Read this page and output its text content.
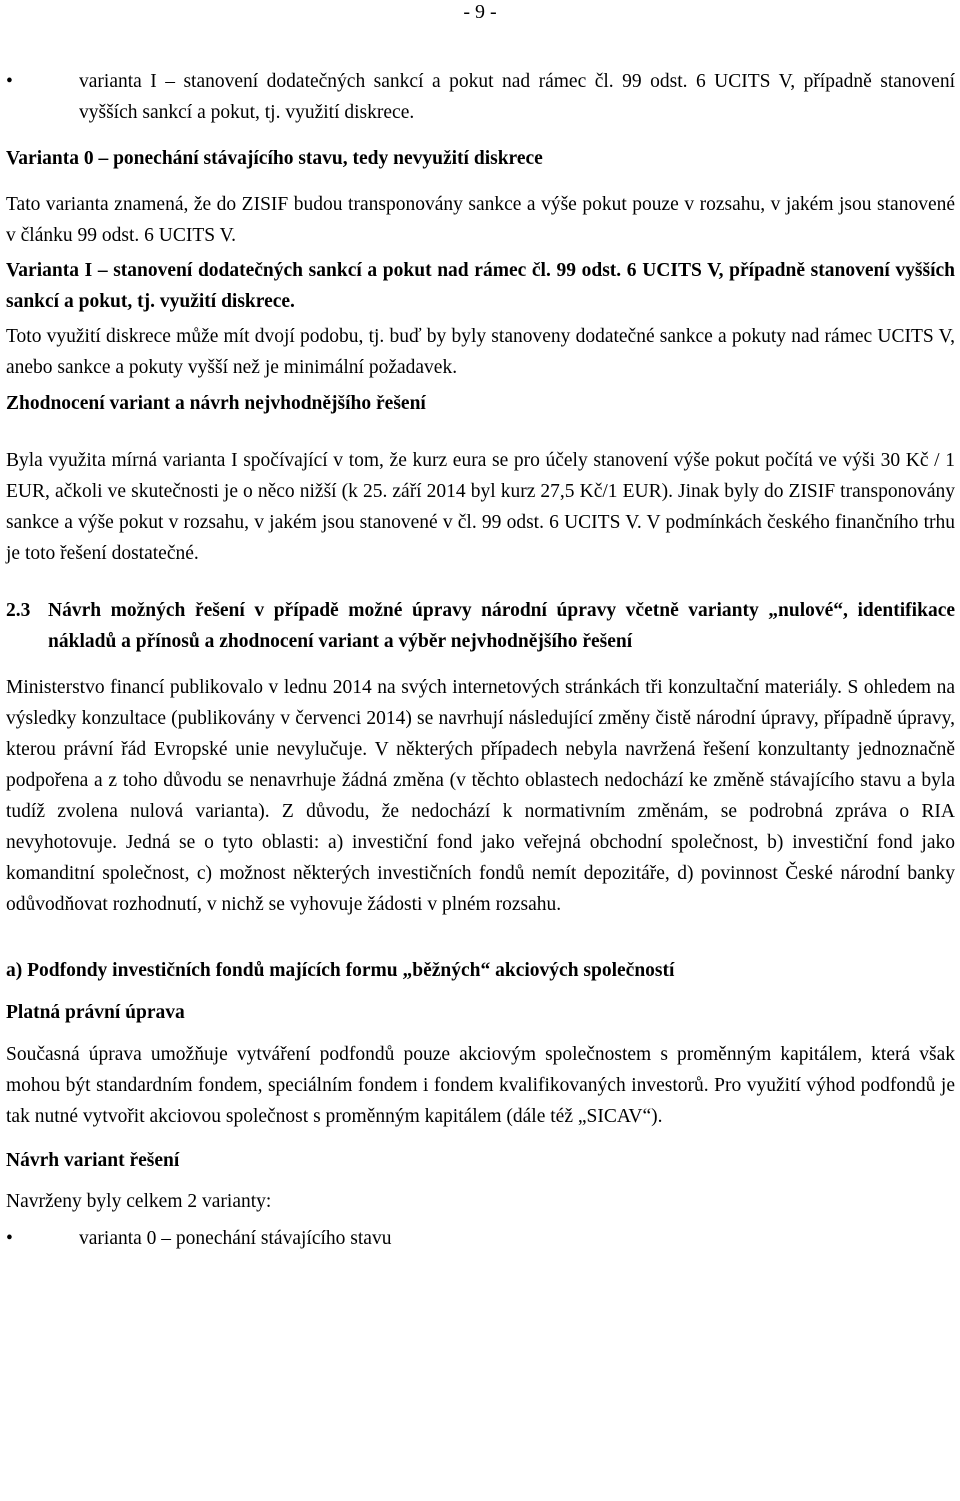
- 9 -
•	varianta I – stanovení dodatečných sankcí a pokut nad rámec čl. 99 odst. 6 UCITS V, případně stanovení vyšších sankcí a pokut, tj. využití diskrece.

Varianta 0 – ponechání stávajícího stavu, tedy nevyužití diskrece

Tato varianta znamená, že do ZISIF budou transponovány sankce a výše pokut pouze v rozsahu, v jakém jsou stanovené v článku 99 odst. 6 UCITS V.

Varianta I – stanovení dodatečných sankcí a pokut nad rámec čl. 99 odst. 6 UCITS V, případně stanovení vyšších sankcí a pokut, tj. využití diskrece.

Toto využití diskrece může mít dvojí podobu, tj. buď by byly stanoveny dodatečné sankce a pokuty nad rámec UCITS V, anebo sankce a pokuty vyšší než je minimální požadavek.

Zhodnocení variant a návrh nejvhodnějšího řešení

Byla využita mírná varianta I spočívající v tom, že kurz eura se pro účely stanovení výše pokut počítá ve výši 30 Kč / 1 EUR, ačkoli ve skutečnosti je o něco nižší (k 25. září 2014 byl kurz 27,5 Kč/1 EUR). Jinak byly do ZISIF transponovány sankce a výše pokut v rozsahu, v jakém jsou stanovené v čl. 99 odst. 6 UCITS V. V podmínkách českého finančního trhu je toto řešení dostatečné.

2.3 Návrh možných řešení v případě možné úpravy národní úpravy včetně varianty „nulové“, identifikace nákladů a přínosů a zhodnocení variant a výběr nejvhodnějšího řešení

Ministerstvo financí publikovalo v lednu 2014 na svých internetových stránkách tři konzultační materiály. S ohledem na výsledky konzultace (publikovány v červenci 2014) se navrhují následující změny čistě národní úpravy, případně úpravy, kterou právní řád Evropské unie nevylučuje. V některých případech nebyla navržená řešení konzultanty jednoznačně podpořena a z toho důvodu se nenavrhuje žádná změna (v těchto oblastech nedochází ke změně stávajícího stavu a byla tudíž zvolena nulová varianta). Z důvodu, že nedochází k normativním změnám, se podrobná zpráva o RIA nevyhotovuje. Jedná se o tyto oblasti: a) investiční fond jako veřejná obchodní společnost, b) investiční fond jako komanditní společnost, c) možnost některých investičních fondů nemít depozitáře, d) povinnost České národní banky odůvodňovat rozhodnutí, v nichž se vyhovuje žádosti v plném rozsahu.

a) Podfondy investičních fondů majících formu „běžných“ akciových společností

Platná právní úprava

Současná úprava umožňuje vytváření podfondů pouze akciovým společnostem s proměnným kapitálem, která však mohou být standardním fondem, speciálním fondem i fondem kvalifikovaných investorů. Pro využití výhod podfondů je tak nutné vytvořit akciovou společnost s proměnným kapitálem (dále též „SICAV“).

Návrh variant řešení

Navrženy byly celkem 2 varianty:

•	varianta 0 – ponechání stávajícího stavu
